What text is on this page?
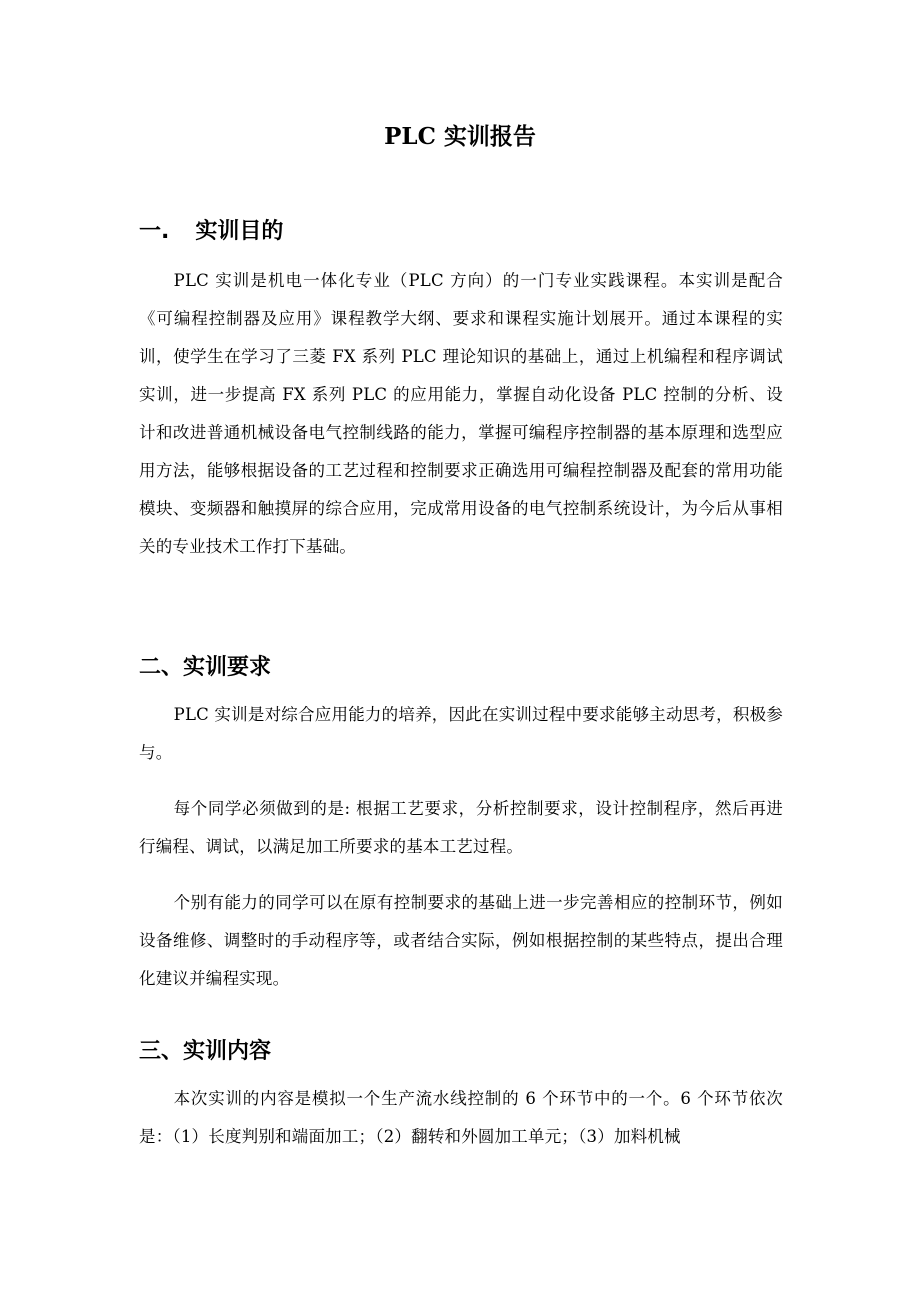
PLC 实训报告
一. 实训目的

PLC 实训是机电一体化专业（PLC 方向）的一门专业实践课程。本实训是配合《可编程控制器及应用》课程教学大纲、要求和课程实施计划展开。通过本课程的实训，使学生在学习了三菱 FX 系列 PLC 理论知识的基础上，通过上机编程和程序调试实训，进一步提高 FX 系列 PLC 的应用能力，掌握自动化设备 PLC 控制的分析、设计和改进普通机械设备电气控制线路的能力，掌握可编程序控制器的基本原理和选型应用方法，能够根据设备的工艺过程和控制要求正确选用可编程控制器及配套的常用功能模块、变频器和触摸屏的综合应用，完成常用设备的电气控制系统设计，为今后从事相关的专业技术工作打下基础。

二、实训要求

PLC 实训是对综合应用能力的培养，因此在实训过程中要求能够主动思考，积极参与。

每个同学必须做到的是: 根据工艺要求，分析控制要求，设计控制程序，然后再进行编程、调试，以满足加工所要求的基本工艺过程。

个别有能力的同学可以在原有控制要求的基础上进一步完善相应的控制环节，例如设备维修、调整时的手动程序等，或者结合实际，例如根据控制的某些特点，提出合理化建议并编程实现。

三、实训内容

本次实训的内容是模拟一个生产流水线控制的 6 个环节中的一个。6 个环节依次是：（1）长度判别和端面加工；（2）翻转和外圆加工单元；（3）加料机械
